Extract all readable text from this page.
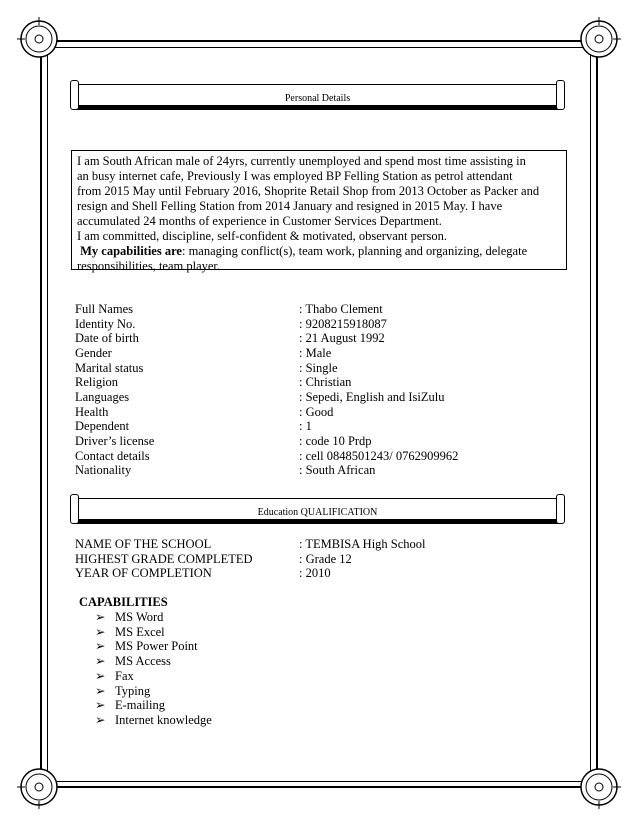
Personal Details

I am South African male of 24yrs, currently unemployed and spend most time assisting in

an busy internet cafe, Previously I was employed BP Felling Station as petrol attendant

from 2015 May until February 2016, Shoprite Retail Shop from 2013 October as Packer and

resign and Shell Felling Station from 2014 January and resigned in 2015 May. I have

accumulated 24 months of experience in Customer Services Department.

I am committed, discipline, self-confident & motivated, observant person.

My capabilities are: managing conflict(s), team work, planning and organizing, delegate

responsibilities, team player.

Full Names	: Thabo Clement
Identity No.	: 9208215918087
Date of birth	: 21 August 1992
Gender	: Male
Marital status	: Single
Religion	: Christian
Languages	: Sepedi, English and IsiZulu
Health	: Good
Dependent	: 1
Driver’s license	: code 10 Prdp
Contact details	: cell 0848501243/ 0762909962
Nationality	: South African
Education QUALIFICATION
NAME OF THE SCHOOL	: TEMBISA High School
HIGHEST GRADE COMPLETED	: Grade 12
YEAR OF COMPLETION	: 2010
CAPABILITIES
➢ MS Word
➢ MS Excel
➢ MS Power Point
➢ MS Access
➢ Fax
➢ Typing
➢ E-mailing
➢ Internet knowledge
